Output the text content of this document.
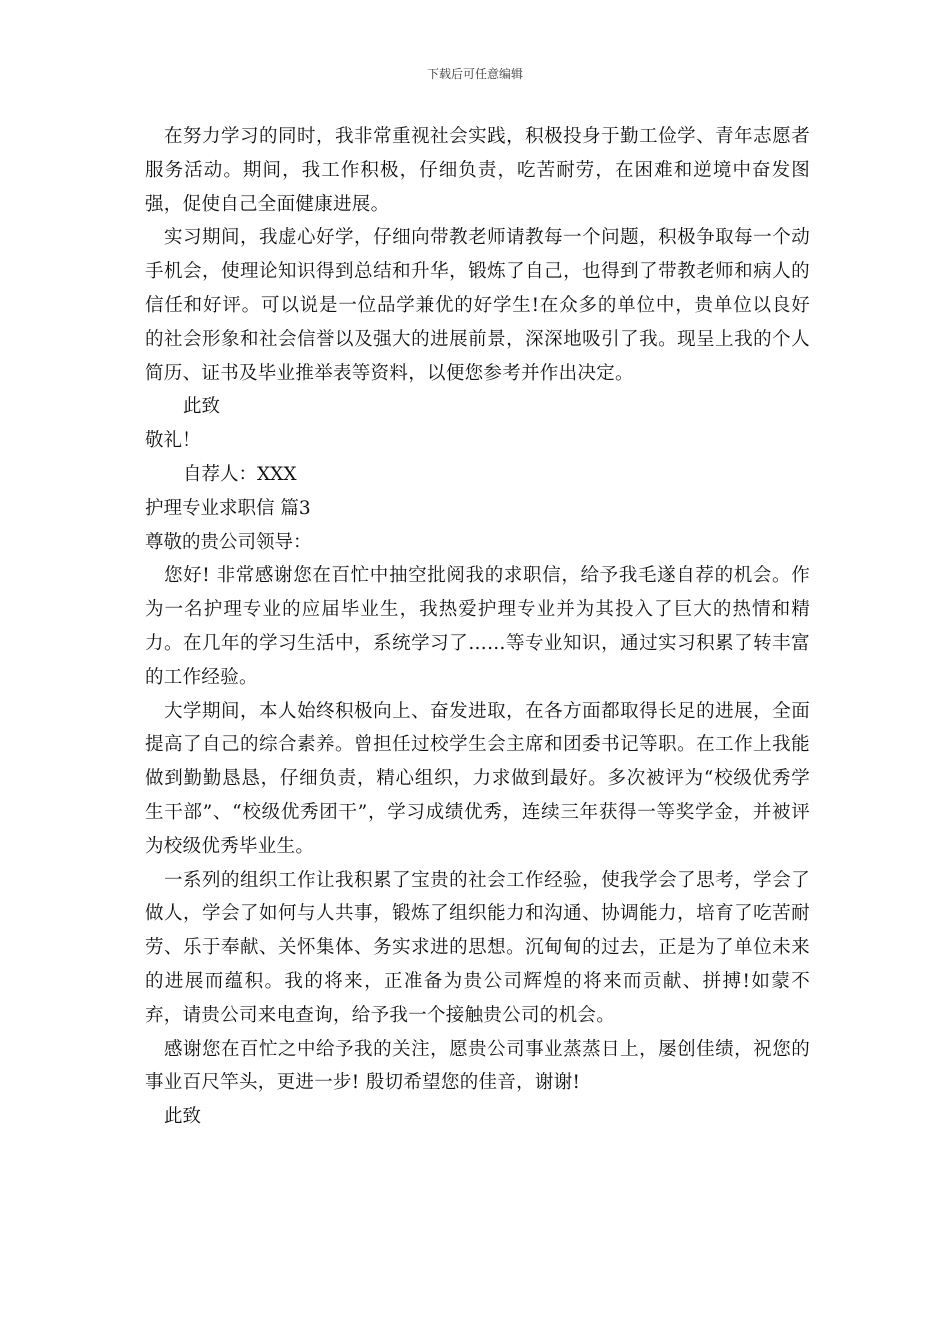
下载后可任意编辑

在努力学习的同时，我非常重视社会实践，积极投身于勤工俭学、青年志愿者服务活动。期间，我工作积极，仔细负责，吃苦耐劳，在困难和逆境中奋发图强，促使自己全面健康进展。

实习期间，我虚心好学，仔细向带教老师请教每一个问题，积极争取每一个动手机会，使理论知识得到总结和升华，锻炼了自己，也得到了带教老师和病人的信任和好评。可以说是一位品学兼优的好学生!在众多的单位中，贵单位以良好的社会形象和社会信誉以及强大的进展前景，深深地吸引了我。现呈上我的个人简历、证书及毕业推举表等资料，以便您参考并作出决定。

此致

敬礼！

自荐人：XXX

护理专业求职信 篇3

尊敬的贵公司领导：

您好! 非常感谢您在百忙中抽空批阅我的求职信，给予我毛遂自荐的机会。作为一名护理专业的应届毕业生，我热爱护理专业并为其投入了巨大的热情和精力。在几年的学习生活中，系统学习了……等专业知识，通过实习积累了转丰富的工作经验。

大学期间，本人始终积极向上、奋发进取，在各方面都取得长足的进展，全面提高了自己的综合素养。曾担任过校学生会主席和团委书记等职。在工作上我能做到勤勤恳恳，仔细负责，精心组织，力求做到最好。多次被评为“校级优秀学生干部”、“校级优秀团干”，学习成绩优秀，连续三年获得一等奖学金，并被评为校级优秀毕业生。

一系列的组织工作让我积累了宝贵的社会工作经验，使我学会了思考，学会了做人，学会了如何与人共事，锻炼了组织能力和沟通、协调能力，培育了吃苦耐劳、乐于奉献、关怀集体、务实求进的思想。沉甸甸的过去，正是为了单位未来的进展而蕴积。我的将来，正准备为贵公司辉煌的将来而贡献、拼搏!如蒙不弃，请贵公司来电查询，给予我一个接触贵公司的机会。

感谢您在百忙之中给予我的关注，愿贵公司事业蒸蒸日上，屡创佳绩，祝您的事业百尺竿头，更进一步! 殷切希望您的佳音，谢谢!

此致
